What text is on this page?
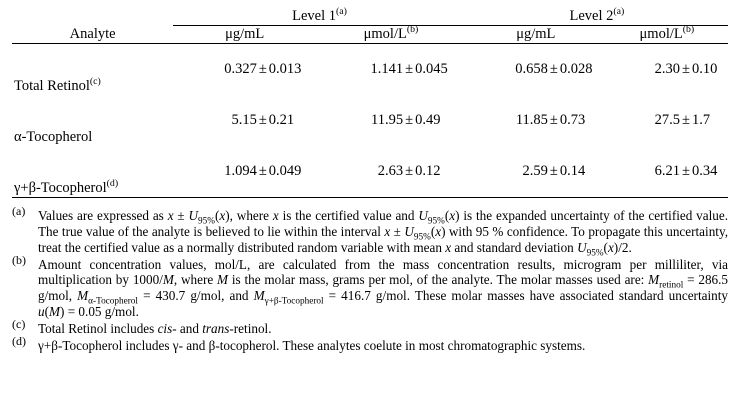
	Level 1$^{(a)}$		Level 2$^{(a)}$
Analyte	μg/mL	μmol/$L^{(b)}$	μg/mL	μmol/$L^{(b)}$
Total Retinol$^{(c)}$	0.327 ± 0.013	1.141 ± 0.045	0.658 ± 0.028	2.30 ± 0.10

α-Tocopherol	5.15 ± 0.21	11.95 ± 0.49	11.85 ± 0.73	27.5 ± 1.7

γ+β-Tocopherol$^{(d)}$	1.094 ± 0.049	2.63 ± 0.12	2.59 ± 0.14	6.21 ± 0.34

$^{(a)}$ Values are expressed as $x \pm U_{95\%}(x)$, where x is the certified value and $U_{95\%}(x)$ is the expanded uncertainty of the certified value. The true value of the analyte is believed to lie within the interval $x \pm U_{95\%}(x)$ with 95 % confidence. To propagate this uncertainty, treat the certified value as a normally distributed random variable with mean x and standard deviation $U_{95\%}(x)/2$.
$^{(b)}$ Amount concentration values, mol/L, are calculated from the mass concentration results, microgram per milliliter, via multiplication by 1000/M, where M is the molar mass, grams per mol, of the analyte. The molar masses used are: $M_{retinol} = 286.5$ g/mol, $M_{\alpha-Tocopherol} = 430.7$ g/mol, and $M_{\gamma+\beta-Tocopherol} = 416.7$ g/mol. These molar masses have associated standard uncertainty u(M) = 0.05 g/mol.
$^{(c)}$ Total Retinol includes cis- and trans-retinol.
$^{(d)}$ γ+β-Tocopherol includes γ- and β-tocopherol. These analytes coelute in most chromatographic systems.
